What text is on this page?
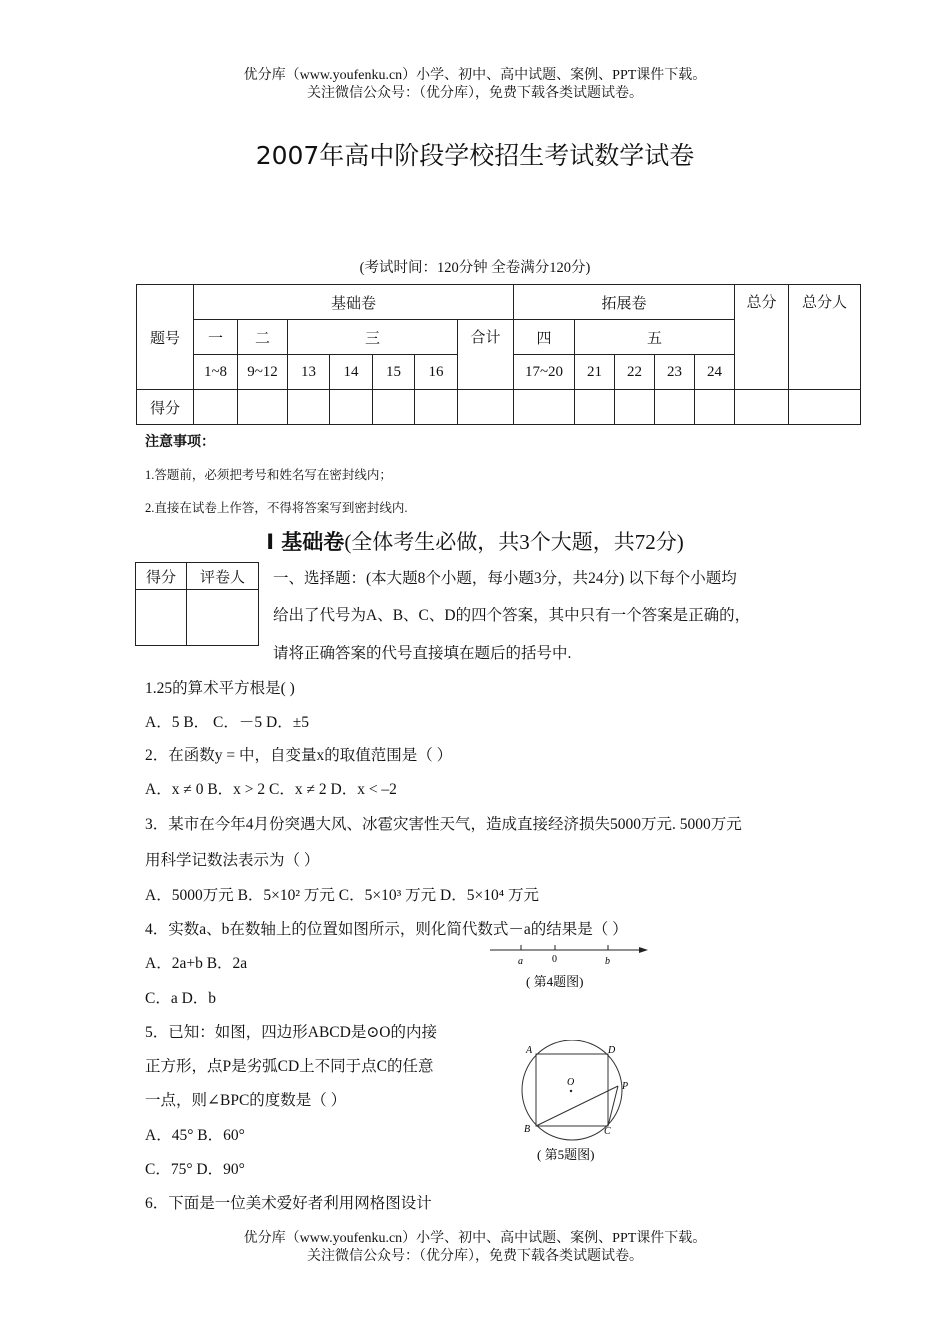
优分库（www.youfenku.cn）小学、初中、高中试题、案例、PPT课件下载。
关注微信公众号：（优分库），免费下载各类试题试卷。
2007年高中阶段学校招生考试数学试卷
(考试时间：120分钟 全卷满分120分)
题号	基础卷							拓展卷					总分	总分人
	一	二	三				合计	四	五					
	1~8	9~12	13	14	15	16		17~20	21	22	23	24		
得分														
注意事项：
1.答题前，必须把考号和姓名写在密封线内；
2.直接在试卷上作答，不得将答案写到密封线内.
Ⅰ 基础卷(全体考生必做，共3个大题，共72分)
得分	评卷人
	一、选择题：(本大题8个小题，每小题3分，共24分) 以下每个小题均
给出了代号为A、B、C、D的四个答案，其中只有一个答案是正确的，
请将正确答案的代号直接填在题后的括号中.
1.25的算术平方根是( )
A．5 B． C．－5 D．±5
2．在函数y = 中，自变量x的取值范围是（ ）
A．x ≠ 0 B．x > 2 C．x ≠ 2 D．x < –2
3．某市在今年4月份突遇大风、冰雹灾害性天气，造成直接经济损失5000万元. 5000万元
用科学记数法表示为（ ）
A．5000万元 B．5×10² 万元 C．5×10³ 万元 D．5×10⁴ 万元
4．实数a、b在数轴上的位置如图所示，则化简代数式－a的结果是（ ）
A．2a+b B．2a
C．a D．b
5．已知：如图，四边形ABCD是⊙O的内接
正方形，点P是劣弧CD上不同于点C的任意
一点，则∠BPC的度数是（ ）
A．45° B．60°
C．75° D．90°
6．下面是一位美术爱好者利用网格图设计
a	0	b
( 第4题图)
A	D
O	P
B	C
( 第5题图)
优分库（www.youfenku.cn）小学、初中、高中试题、案例、PPT课件下载。
关注微信公众号：（优分库），免费下载各类试题试卷。
